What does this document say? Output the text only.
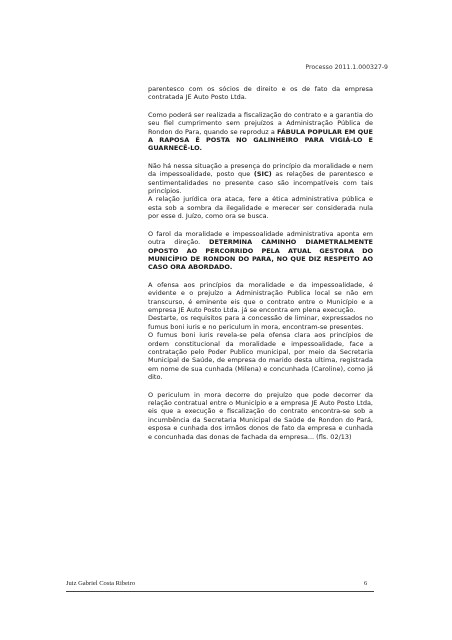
Processo 2011.1.000327-9

parentesco com os sócios de direito e os de fato da empresa contratada JE Auto Posto Ltda.

Como poderá ser realizada a fiscalização do contrato e a garantia do seu fiel cumprimento sem prejuízos a Administração Pública de Rondon do Para, quando se reproduz a FÁBULA POPULAR EM QUE A RAPOSA É POSTA NO GALINHEIRO PARA VIGIÁ-LO E GUARNECÊ-LO.

Não há nessa situação a presença do princípio da moralidade e nem da impessoalidade, posto que (SIC) as relações de parentesco e sentimentalidades no presente caso são incompatíveis com tais princípios.

A relação jurídica ora ataca, fere a ética administrativa pública e esta sob a sombra da ilegalidade e merecer ser considerada nula por esse d. Juízo, como ora se busca.

O farol da moralidade e impessoalidade administrativa aponta em outra direção. DETERMINA CAMINHO DIAMETRALMENTE OPOSTO AO PERCORRIDO PELA ATUAL GESTORA DO MUNICÍPIO DE RONDON DO PARA, NO QUE DIZ RESPEITO AO CASO ORA ABORDADO.

A ofensa aos princípios da moralidade e da impessoalidade, é evidente e o prejuízo a Administração Publica local se não em transcurso, é eminente eis que o contrato entre o Município e a empresa JE Auto Posto Ltda. já se encontra em plena execução.

Destarte, os requisitos para a concessão de liminar, expressados no fumus boni iuris e no periculum in mora, encontram-se presentes.

O fumus boni iuris revela-se pela ofensa clara aos princípios de ordem constitucional da moralidade e impessoalidade, face a contratação pelo Poder Publico municipal, por meio da Secretaria Municipal de Saúde, de empresa do marido desta ultima, registrada em nome de sua cunhada (Milena) e concunhada (Caroline), como já dito.

O periculum in mora decorre do prejuízo que pode decorrer da relação contratual entre o Município e a empresa JE Auto Posto Ltda, eis que a execução e fiscalização do contrato encontra-se sob a incumbência da Secretaria Municipal de Saúde de Rondon do Pará, esposa e cunhada dos irmãos donos de fato da empresa e cunhada e concunhada das donas de fachada da empresa... (fls. 02/13)

Juiz Gabriel Costa Ribeiro	6
